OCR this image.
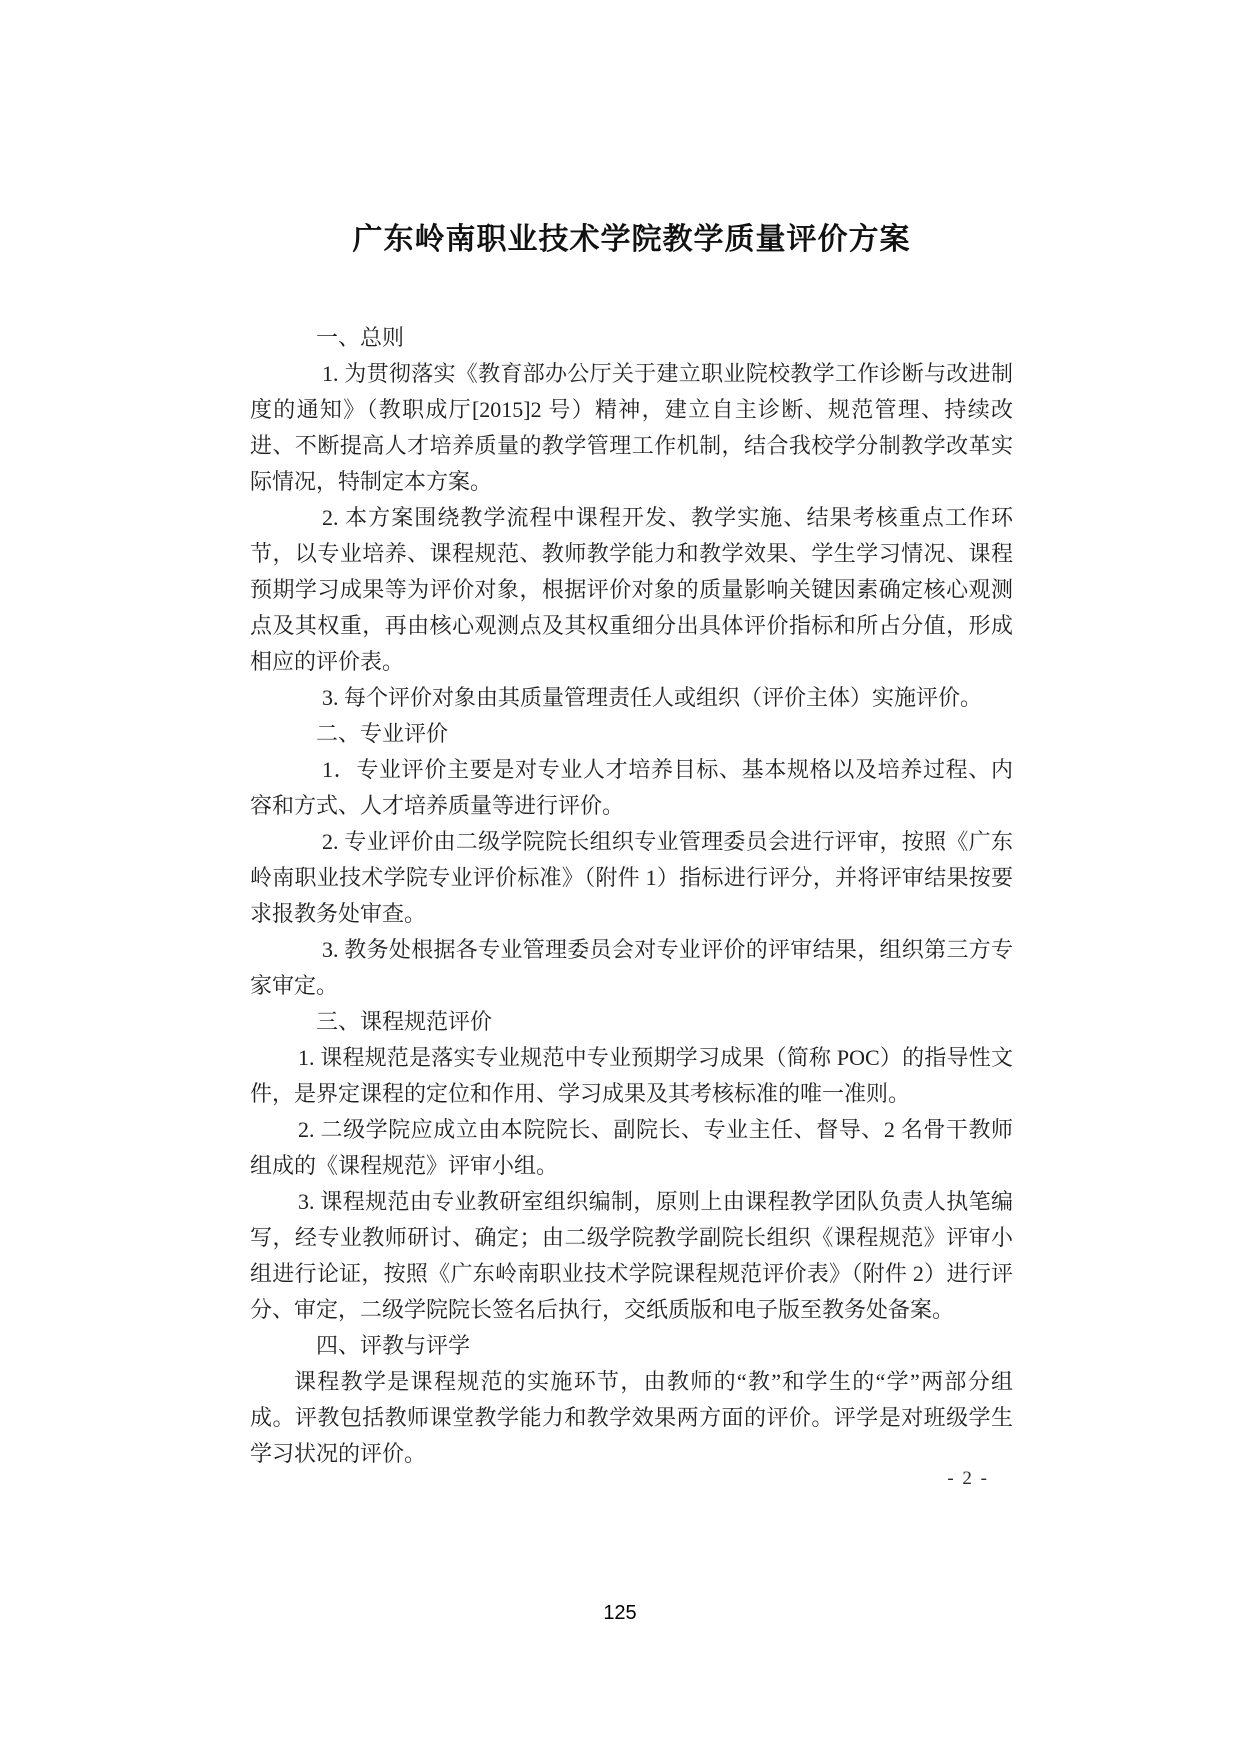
广东岭南职业技术学院教学质量评价方案

一、总则

1. 为贯彻落实《教育部办公厅关于建立职业院校教学工作诊断与改进制度的通知》（教职成厅[2015]2 号）精神，建立自主诊断、规范管理、持续改进、不断提高人才培养质量的教学管理工作机制，结合我校学分制教学改革实际情况，特制定本方案。

2. 本方案围绕教学流程中课程开发、教学实施、结果考核重点工作环节，以专业培养、课程规范、教师教学能力和教学效果、学生学习情况、课程预期学习成果等为评价对象，根据评价对象的质量影响关键因素确定核心观测点及其权重，再由核心观测点及其权重细分出具体评价指标和所占分值，形成相应的评价表。

3. 每个评价对象由其质量管理责任人或组织（评价主体）实施评价。

二、专业评价

1．专业评价主要是对专业人才培养目标、基本规格以及培养过程、内容和方式、人才培养质量等进行评价。

2. 专业评价由二级学院院长组织专业管理委员会进行评审，按照《广东岭南职业技术学院专业评价标准》（附件 1）指标进行评分，并将评审结果按要求报教务处审查。

3. 教务处根据各专业管理委员会对专业评价的评审结果，组织第三方专家审定。

三、课程规范评价

1. 课程规范是落实专业规范中专业预期学习成果（简称 POC）的指导性文件，是界定课程的定位和作用、学习成果及其考核标准的唯一准则。

2. 二级学院应成立由本院院长、副院长、专业主任、督导、2 名骨干教师组成的《课程规范》评审小组。

3. 课程规范由专业教研室组织编制，原则上由课程教学团队负责人执笔编写，经专业教师研讨、确定；由二级学院教学副院长组织《课程规范》评审小组进行论证，按照《广东岭南职业技术学院课程规范评价表》（附件 2）进行评分、审定，二级学院院长签名后执行，交纸质版和电子版至教务处备案。

四、评教与评学

课程教学是课程规范的实施环节，由教师的“教”和学生的“学”两部分组成。评教包括教师课堂教学能力和教学效果两方面的评价。评学是对班级学生学习状况的评价。

- 2 -
125
